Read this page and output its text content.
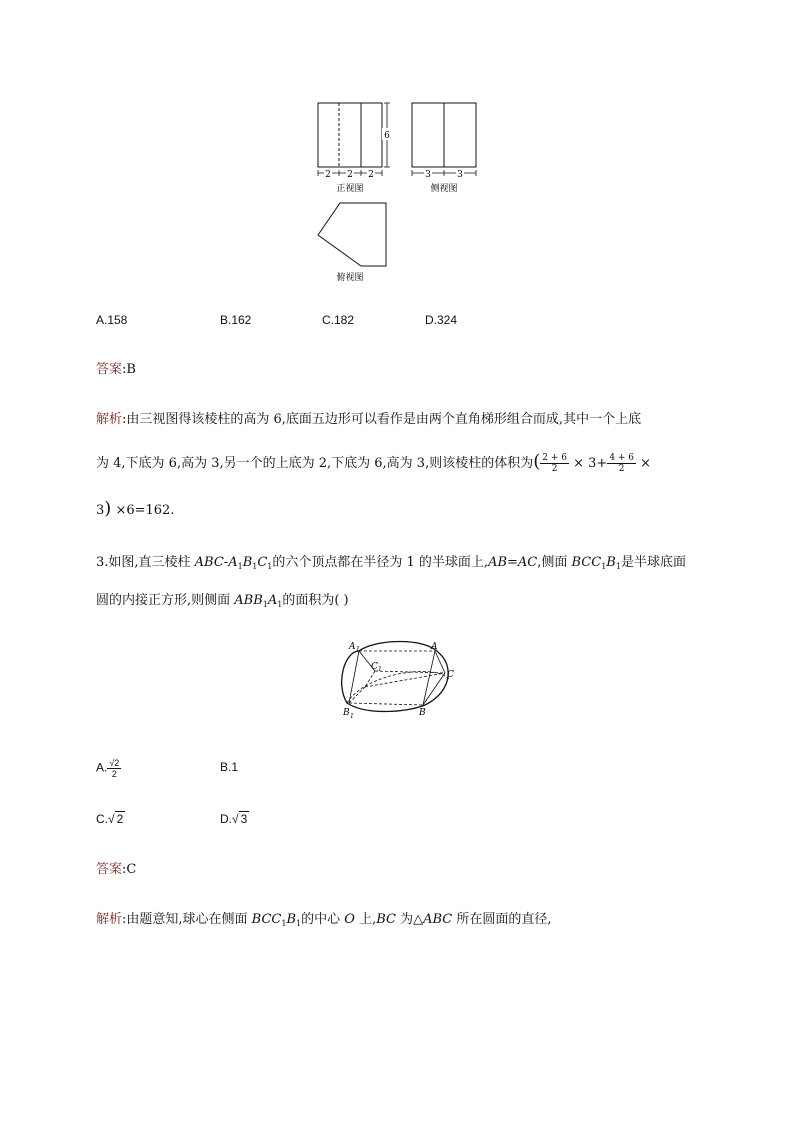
6
2 2 2
正视图
3	3
侧视图
俯视图
A.158	B.162	C.182	D.324
答案:B
解析:由三视图得该棱柱的高为 6,底面五边形可以看作是由两个直角梯形组合而成,其中一个上底
为 4,下底为 6,高为 3,另一个的上底为 2,下底为 6,高为 3,则该棱柱的体积为( $\frac{2 + 6}{2} \times 3+ \frac{4 + 6}{2}$ ×
3) ×6=162.
3.如图,直三棱柱 ABC-$A_1B_1C_1$的六个顶点都在半径为 1 的半球面上,AB=AC,侧面 $BCC_1B_1$是半球底面
圆的内接正方形,则侧面 $ABB_1A_1$的面积为( )
A 1	A
C 1
C
B 1	B
A. $\frac{√2}{2}$	B.1
C.√ 2	D.√ 3
答案:C
解析:由题意知,球心在侧面 $BCC_1B_1$的中心 O 上,BC 为△ABC 所在圆面的直径,
